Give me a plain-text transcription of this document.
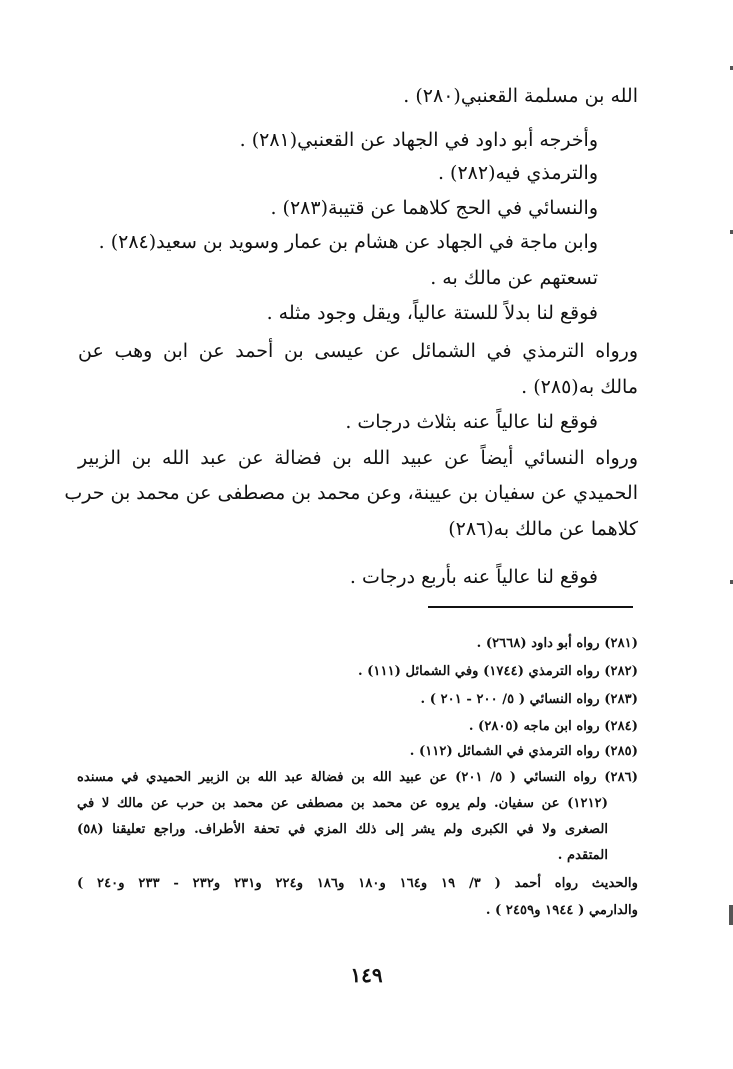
الله بن مسلمة القعنبي(٢٨٠) .
وأخرجه أبو داود في الجهاد عن القعنبي(٢٨١) .
والترمذي فيه(٢٨٢) .
والنسائي في الحج كلاهما عن قتيبة(٢٨٣) .
وابن ماجة في الجهاد عن هشام بن عمار وسويد بن سعيد(٢٨٤) .
تسعتهم عن مالك به .
فوقع لنا بدلاً للستة عالياً، ويقل وجود مثله .
ورواه الترمذي في الشمائل عن عيسى بن أحمد عن ابن وهب عن
مالك به(٢٨٥) .
فوقع لنا عالياً عنه بثلاث درجات .
ورواه النسائي أيضاً عن عبيد الله بن فضالة عن عبد الله بن الزبير
الحميدي عن سفيان بن عيينة، وعن محمد بن مصطفى عن محمد بن حرب
كلاهما عن مالك به(٢٨٦)
فوقع لنا عالياً عنه بأربع درجات .
(٢٨١) رواه أبو داود (٢٦٦٨) .
(٢٨٢) رواه الترمذي (١٧٤٤) وفي الشمائل (١١١) .
(٢٨٣) رواه النسائي ( ٥/ ٢٠٠ - ٢٠١ ) .
(٢٨٤) رواه ابن ماجه (٢٨٠٥) .
(٢٨٥) رواه الترمذي في الشمائل (١١٢) .
(٢٨٦) رواه النسائي ( ٥/ ٢٠١) عن عبيد الله بن فضالة عبد الله بن الزبير الحميدي في مسنده
(١٢١٢) عن سفيان. ولم يروه عن محمد بن مصطفى عن محمد بن حرب عن مالك لا في
الصغرى ولا في الكبرى ولم يشر إلى ذلك المزي في تحفة الأطراف. وراجع تعليقنا (٥٨)
المتقدم .
والحديث رواه أحمد ( ٣/ ١٩ و١٦٤ و١٨٠ و١٨٦ و٢٢٤ و٢٣١ و٢٣٢ - ٢٣٣ و٢٤٠ )
والدارمي ( ١٩٤٤ و٢٤٥٩ ) .
١٤٩
